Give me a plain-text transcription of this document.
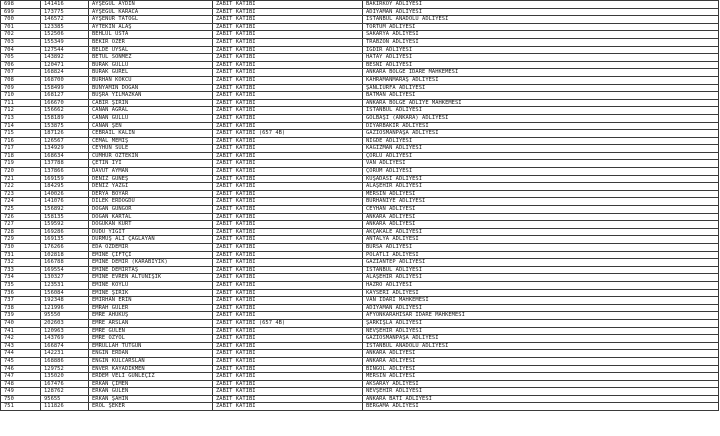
698	141416	AYŞEGÜL AYDIN	ZABIT KATİBİ	BAKIRKÖY ADLİYESİ
699	173775	AYŞEGÜL KARACA	ZABIT KATİBİ	ADIYAMAN ADLİYESİ
700	146572	AYŞENUR TATOĞL	ZABIT KATİBİ	İSTANBUL ANADOLU ADLİYESİ
701	123385	AYTEKİN ALAŞ	ZABIT KATİBİ	TORTUM ADLİYESİ
702	152506	BEHLÜL USTA	ZABIT KATİBİ	SAKARYA ADLİYESİ
703	155349	BEKİR ÖZER	ZABIT KATİBİ	TRABZON ADLİYESİ
704	127544	BELDE UYSAL	ZABIT KATİBİ	IĞDIR ADLİYESİ
705	143892	BETÜL SÖNMEZ	ZABIT KATİBİ	HATAY ADLİYESİ
706	120471	BURAK GÜLLÜ	ZABIT KATİBİ	BESNİ ADLİYESİ
707	168824	BURAK GÜREL	ZABIT KATİBİ	ANKARA BÖLGE İDARE MAHKEMESİ
708	168700	BURHAN KOKCU	ZABIT KATİBİ	KAHRAMANMARAŞ ADLİYESİ
709	158499	BÜNYAMİN DOĞAN	ZABIT KATİBİ	ŞANLIURFA ADLİYESİ
710	168127	BÜŞRA YILMAZKAN	ZABIT KATİBİ	BATMAN ADLİYESİ
711	166670	CABİR ŞİRİN	ZABIT KATİBİ	ANKARA BÖLGE ADLİYE MAHKEMESİ
712	156662	CANAN AĞRAL	ZABIT KATİBİ	İSTANBUL ADLİYESİ
713	158189	CANAN GÜLLÜ	ZABIT KATİBİ	GÖLBAŞI (ANKARA) ADLİYESİ
714	153875	CANAN ŞEN	ZABIT KATİBİ	DİYARBAKIR ADLİYESİ
715	187126	CEBRAİL KALIN	ZABIT KATİBİ (657 4B)	GAZİOSMANPAŞA ADLİYESİ
716	126567	CEMAL MEMİŞ	ZABIT KATİBİ	NİĞDE ADLİYESİ
717	134929	CEYHUN SÜLE	ZABIT KATİBİ	KAĞIZMAN ADLİYESİ
718	168634	CUMHUR ÖZTEKİN	ZABIT KATİBİ	ÇORLU ADLİYESİ
719	137788	ÇETİN İYİ	ZABIT KATİBİ	VAN ADLİYESİ
720	137866	DAVUT AYMAN	ZABIT KATİBİ	ÇORUM ADLİYESİ
721	169159	DENİZ GÜNEŞ	ZABIT KATİBİ	KUŞADASI ADLİYESİ
722	184295	DENİZ YAZGI	ZABIT KATİBİ	ALAŞEHİR ADLİYESİ
723	140026	DERYA BOYAR	ZABIT KATİBİ	MERSİN ADLİYESİ
724	141076	DİLEK ERDOĞDU	ZABIT KATİBİ	BURHANİYE ADLİYESİ
725	156892	DOĞAN GÜNGÖR	ZABIT KATİBİ	CEYHAN ADLİYESİ
726	158135	DOĞAN KARTAL	ZABIT KATİBİ	ANKARA ADLİYESİ
727	159592	DOĞUKAN KURT	ZABIT KATİBİ	ANKARA ADLİYESİ
728	169286	DUDU YİĞİT	ZABIT KATİBİ	AKÇAKALE ADLİYESİ
729	169135	DURMUŞ ALİ ÇAĞLAYAN	ZABIT KATİBİ	ANTALYA ADLİYESİ
730	176266	EDA ÖZDEMİR	ZABIT KATİBİ	BURSA ADLİYESİ
731	102818	EMİNE ÇİFTÇİ	ZABIT KATİBİ	POLATLI ADLİYESİ
732	166788	EMİNE DEMİR (KARABIYIK)	ZABIT KATİBİ	GAZİANTEP ADLİYESİ
733	169554	EMİNE DEMİRTAŞ	ZABIT KATİBİ	İSTANBUL ADLİYESİ
734	130327	EMİNE EVREN ALTUNIŞIK	ZABIT KATİBİ	ALAŞEHİR ADLİYESİ
735	123531	EMİNE KÖYLÜ	ZABIT KATİBİ	HAZRO ADLİYESİ
736	156084	EMİNE ŞİRİK	ZABIT KATİBİ	KAYSERİ ADLİYESİ
737	192348	EMİRHAN ERİN	ZABIT KATİBİ	VAN İDARİ MAHKEMESİ
738	121996	EMRAH GÜLER	ZABIT KATİBİ	ADIYAMAN ADLİYESİ
739	95550	EMRE AHUKUŞ	ZABIT KATİBİ	AFYONKARAHİSAR İDARE MAHKEMESİ
740	202603	EMRE ARSLAN	ZABIT KATİBİ (657 4B)	ŞARKIŞLA ADLİYESİ
741	120963	EMRE GÜLEN	ZABIT KATİBİ	NEVŞEHİR ADLİYESİ
742	143769	EMRE ÖZYOL	ZABIT KATİBİ	GAZİOSMANPAŞA ADLİYESİ
743	166874	EMRULLAH TUTGUN	ZABIT KATİBİ	İSTANBUL ANADOLU ADLİYESİ
744	142231	ENGİN ERDAN	ZABIT KATİBİ	ANKARA ADLİYESİ
745	168886	ENGİN KULCARSLAN	ZABIT KATİBİ	ANKARA ADLİYESİ
746	129752	ENVER KAYADİKMEN	ZABIT KATİBİ	BİNGÖL ADLİYESİ
747	135020	ERDEM VELİ GÜNLEÇİZ	ZABIT KATİBİ	MERSİN ADLİYESİ
748	167476	ERKAN ÇİMEN	ZABIT KATİBİ	AKSARAY ADLİYESİ
749	128762	ERKAN GÜLEN	ZABIT KATİBİ	NEVŞEHİR ADLİYESİ
750	95655	ERKAN ŞAHİN	ZABIT KATİBİ	ANKARA BATI ADLİYESİ
751	111826	EROL ŞEKER	ZABIT KATİBİ	BERGAMA ADLİYESİ
